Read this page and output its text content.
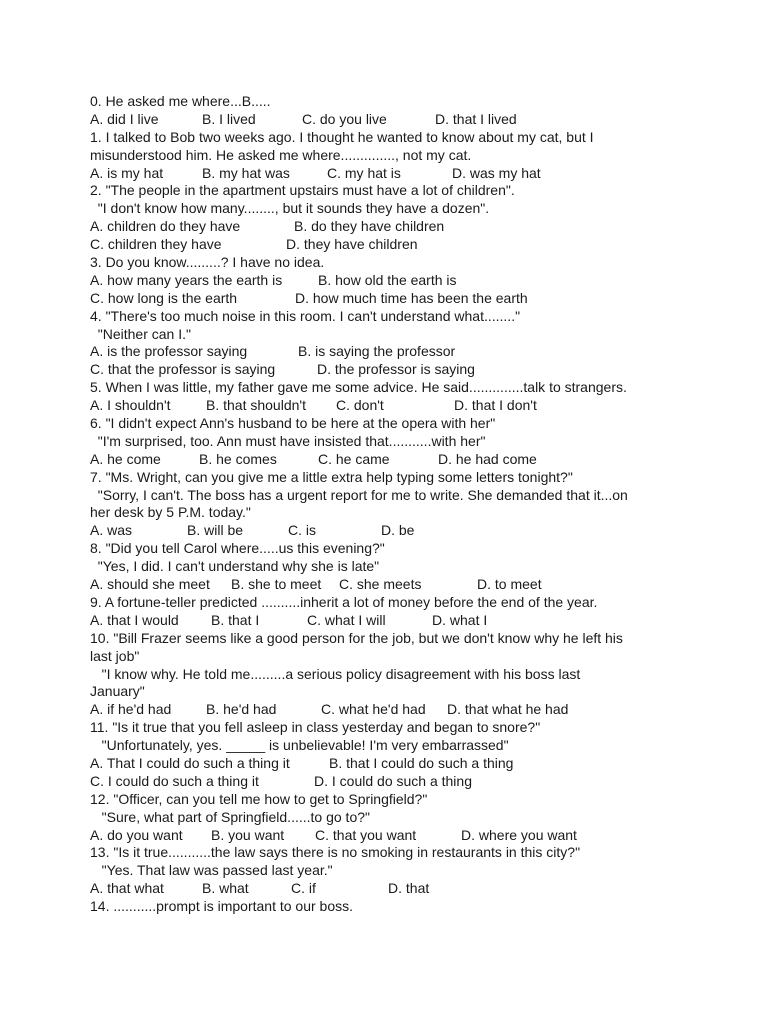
0. He asked me where...B.....
A. did I live	B. I lived	C. do you live	D. that I lived
1. I talked to Bob two weeks ago. I thought he wanted to know about my cat, but I
misunderstood him. He asked me where.............., not my cat.
A. is my hat	B. my hat was	C. my hat is	D. was my hat
2. "The people in the apartment upstairs must have a lot of children".
"I don't know how many........, but it sounds they have a dozen".
A. children do they have	B. do they have children
C. children they have	D. they have children
3. Do you know.........? I have no idea.
A. how many years the earth is	B. how old the earth is
C. how long is the earth	D. how much time has been the earth
4. "There's too much noise in this room. I can't understand what........"
"Neither can I."
A. is the professor saying	B. is saying the professor
C. that the professor is saying	D. the professor is saying
5. When I was little, my father gave me some advice. He said..............talk to strangers.
A. I shouldn't	B. that shouldn't C. don't	D. that I don't
6. "I didn't expect Ann's husband to be here at the opera with her"
"I'm surprised, too. Ann must have insisted that...........with her"
A. he come	B. he comes	C. he came	D. he had come
7. "Ms. Wright, can you give me a little extra help typing some letters tonight?"
"Sorry, I can't. The boss has a urgent report for me to write. She demanded that it...on
her desk by 5 P.M. today."
A. was	B. will be	C. is	D. be
8. "Did you tell Carol where.....us this evening?"
"Yes, I did. I can't understand why she is late"
A. should she meet B. she to meet C. she meets	D. to meet
9. A fortune-teller predicted ..........inherit a lot of money before the end of the year.
A. that I would B. that I	C. what I will	D. what I
10. "Bill Frazer seems like a good person for the job, but we don't know why he left his
last job"
"I know why. He told me.........a serious policy disagreement with his boss last
January"
A. if he'd had B. he'd had	C. what he'd had D. that what he had
11. "Is it true that you fell asleep in class yesterday and began to snore?"
"Unfortunately, yes. _____ is unbelievable! I'm very embarrassed"
A. That I could do such a thing it	B. that I could do such a thing
C. I could do such a thing it	D. I could do such a thing
12. "Officer, can you tell me how to get to Springfield?"
"Sure, what part of Springfield......to go to?"
A. do you want B. you want C. that you want	D. where you want
13. "Is it true...........the law says there is no smoking in restaurants in this city?"
"Yes. That law was passed last year."
A. that what	B. what	C. if	D. that
14. ...........prompt is important to our boss.
